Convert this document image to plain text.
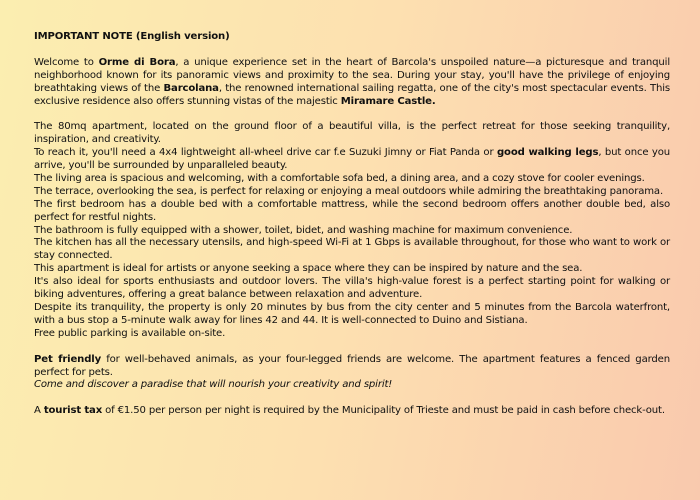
IMPORTANT NOTE (English version)

Welcome to Orme di Bora, a unique experience set in the heart of Barcola's unspoiled nature—a picturesque and tranquil neighborhood known for its panoramic views and proximity to the sea. During your stay, you'll have the privilege of enjoying breathtaking views of the Barcolana, the renowned international sailing regatta, one of the city's most spectacular events. This exclusive residence also offers stunning vistas of the majestic Miramare Castle.

The 80mq apartment, located on the ground floor of a beautiful villa, is the perfect retreat for those seeking tranquility, inspiration, and creativity.

To reach it, you'll need a 4x4 lightweight all-wheel drive car f.e Suzuki Jimny or Fiat Panda or good walking legs, but once you arrive, you'll be surrounded by unparalleled beauty.

The living area is spacious and welcoming, with a comfortable sofa bed, a dining area, and a cozy stove for cooler evenings.

The terrace, overlooking the sea, is perfect for relaxing or enjoying a meal outdoors while admiring the breathtaking panorama.

The first bedroom has a double bed with a comfortable mattress, while the second bedroom offers another double bed, also perfect for restful nights.

The bathroom is fully equipped with a shower, toilet, bidet, and washing machine for maximum convenience.

The kitchen has all the necessary utensils, and high-speed Wi-Fi at 1 Gbps is available throughout, for those who want to work or stay connected.

This apartment is ideal for artists or anyone seeking a space where they can be inspired by nature and the sea.

It's also ideal for sports enthusiasts and outdoor lovers. The villa's high-value forest is a perfect starting point for walking or biking adventures, offering a great balance between relaxation and adventure.

Despite its tranquility, the property is only 20 minutes by bus from the city center and 5 minutes from the Barcola waterfront, with a bus stop a 5-minute walk away for lines 42 and 44. It is well-connected to Duino and Sistiana.

Free public parking is available on-site.

Pet friendly for well-behaved animals, as your four-legged friends are welcome. The apartment features a fenced garden perfect for pets.

Come and discover a paradise that will nourish your creativity and spirit!

A tourist tax of €1.50 per person per night is required by the Municipality of Trieste and must be paid in cash before check-out.
